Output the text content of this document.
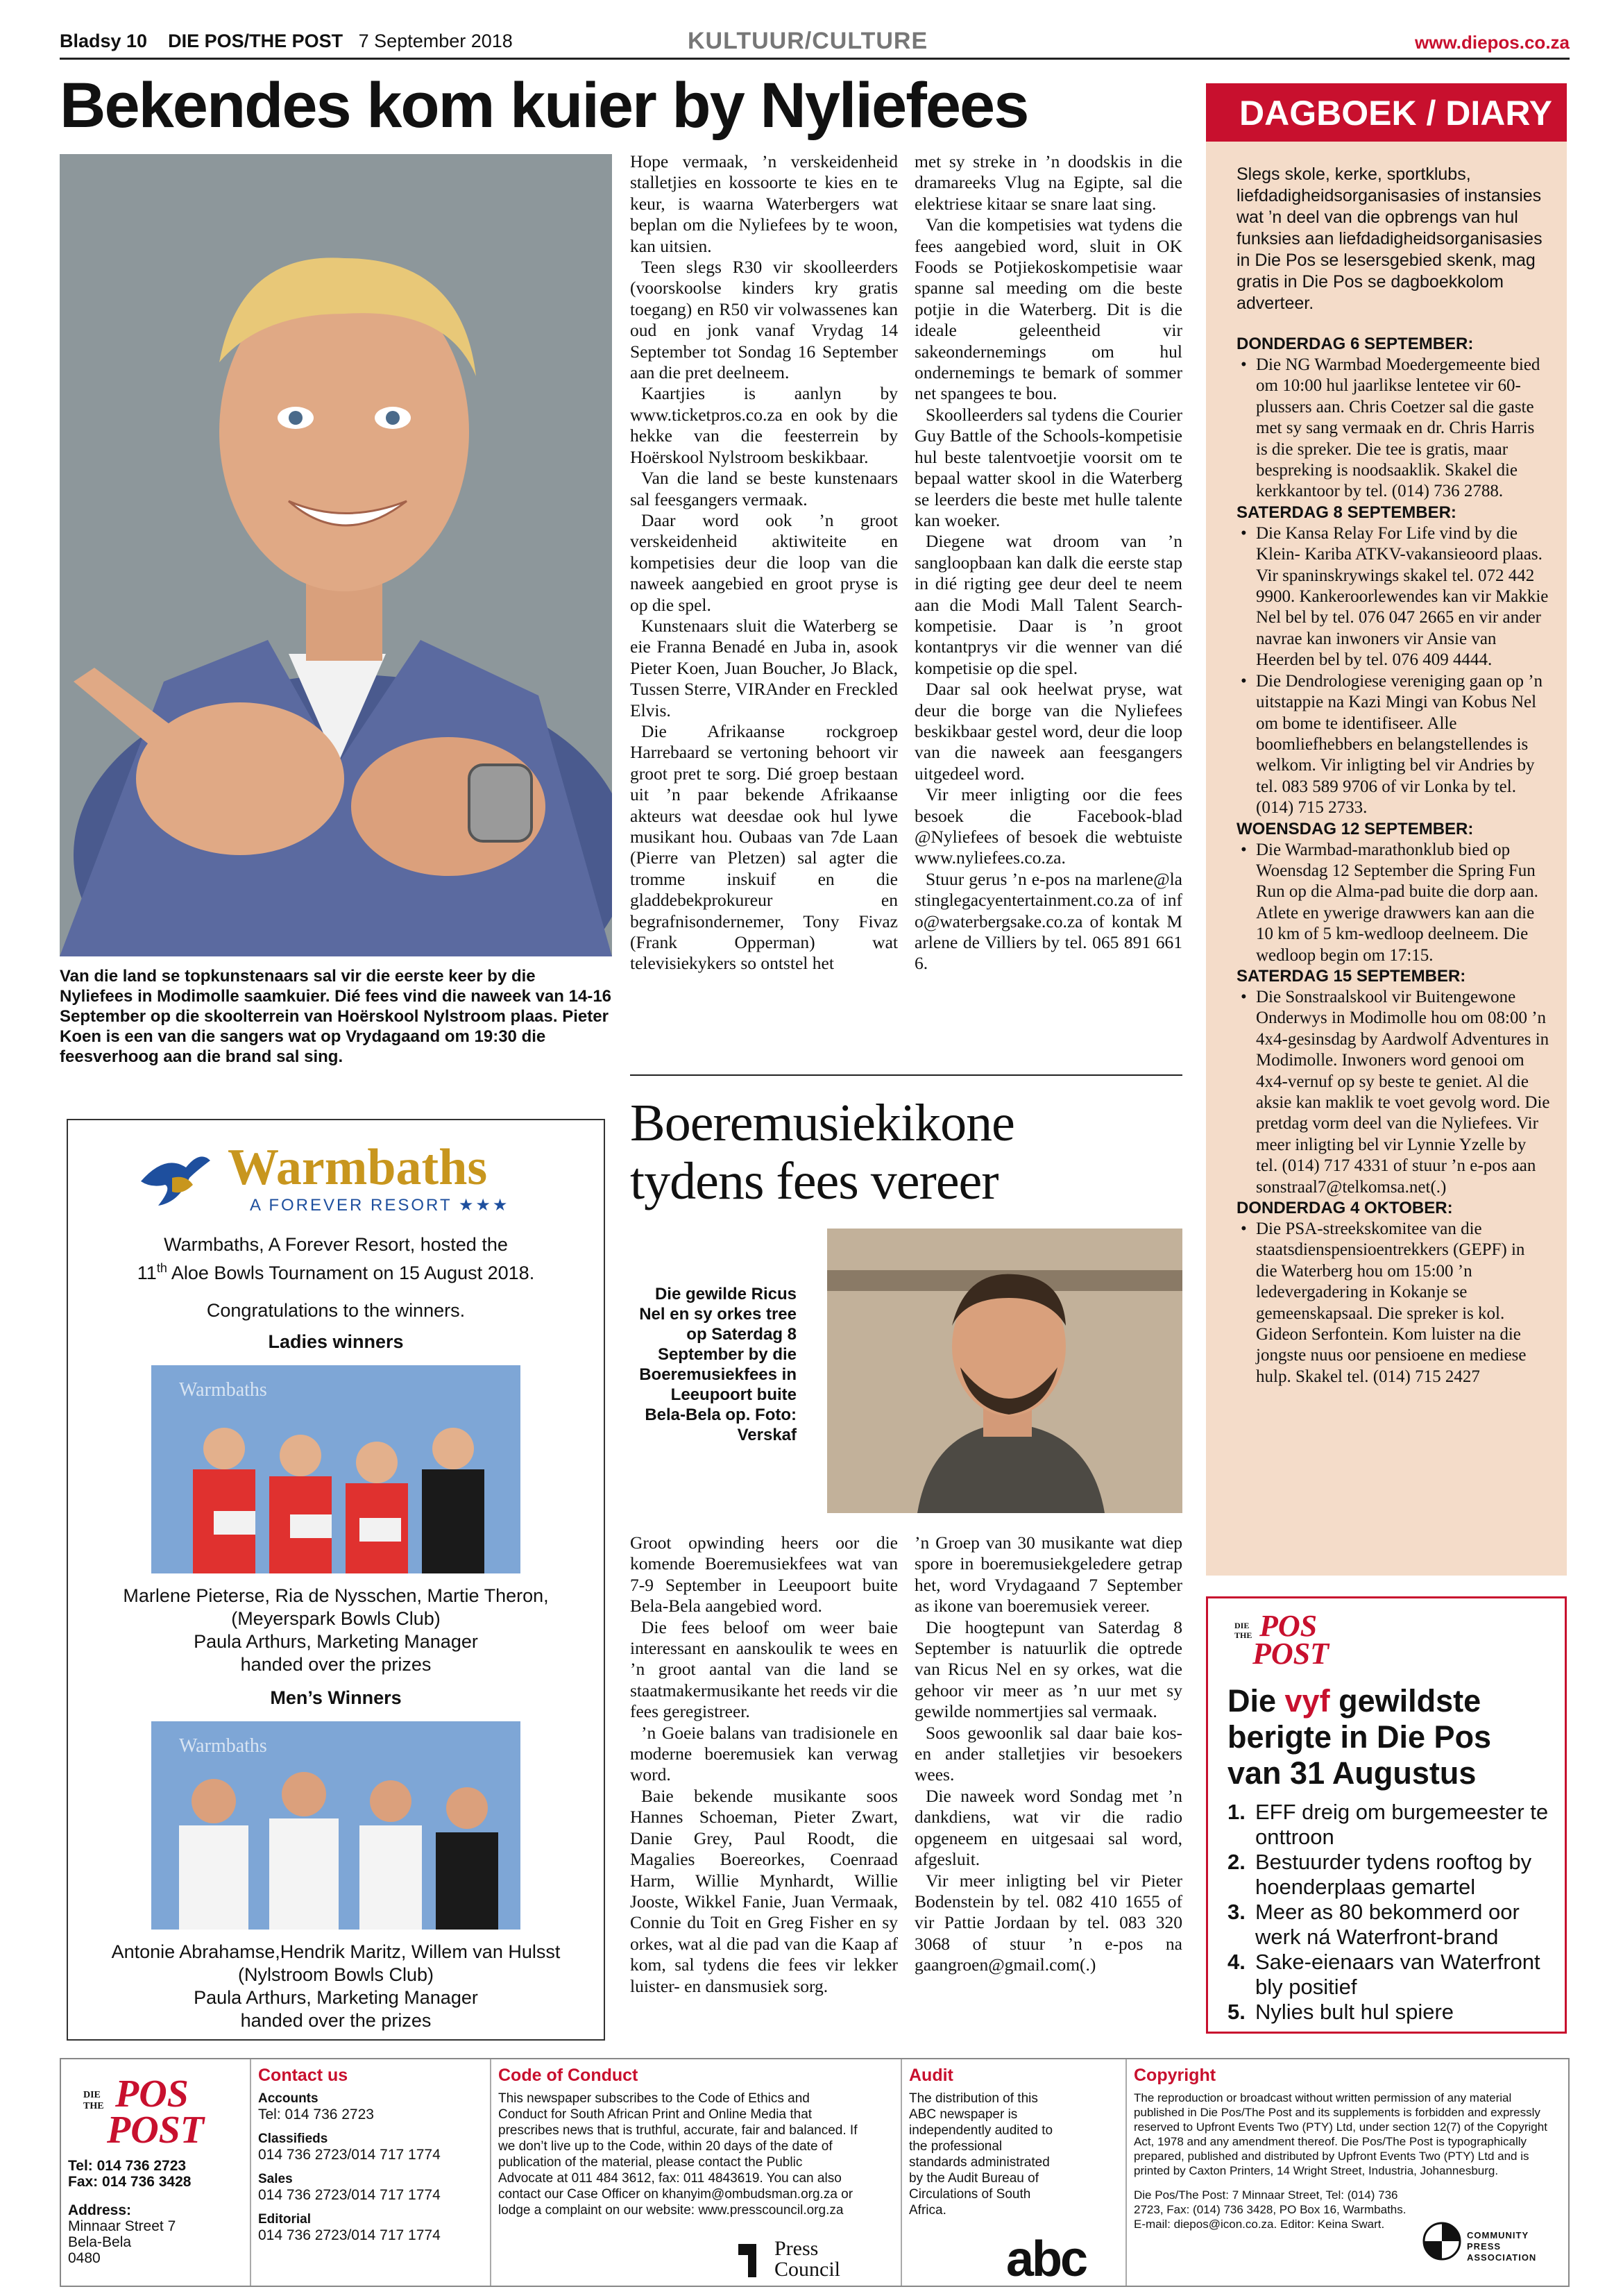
Bladsy 10 DIE POS/THE POST 7 September 2018	KULTUUR/CULTURE	www.diepos.co.za
Bekendes kom kuier by Nyliefees
Van die land se topkunstenaars sal vir die eerste keer by die Nyliefees in Modimolle saamkuier. Dié fees vind die naweek van 14-16 September op die skoolterrein van Hoërskool Nylstroom plaas. Pieter Koen is een van die sangers wat op Vrydagaand om 19:30 die feesverhoog aan die brand sal sing.

Hope vermaak, ’n verskeidenheid stalletjies en kossoorte te kies en te keur, is waarna Waterbergers wat beplan om die Nyliefees by te woon, kan uitsien.

Teen slegs R30 vir skoolleerders (voorskoolse kinders kry gratis toegang) en R50 vir volwassenes kan oud en jonk vanaf Vrydag 14 September tot Sondag 16 September aan die pret deelneem.

Kaartjies is aanlyn by www.ticketpros.co.za en ook by die hekke van die feesterrein by Hoërskool Nylstroom beskikbaar.

Van die land se beste kunstenaars sal feesgangers vermaak.

Daar word ook ’n groot verskeidenheid aktiwiteite en kompetisies deur die loop van die naweek aangebied en groot pryse is op die spel.

Kunstenaars sluit die Waterberg se eie Franna Benadé en Juba in, asook Pieter Koen, Juan Boucher, Jo Black, Tussen Sterre, VIRAnder en Freckled Elvis.

Die Afrikaanse rockgroep Harrebaard se vertoning behoort vir groot pret te sorg. Dié groep bestaan uit ’n paar bekende Afrikaanse akteurs wat deesdae ook hul lywe musikant hou. Oubaas van 7de Laan (Pierre van Pletzen) sal agter die tromme inskuif en die gladdebekprokureur en begrafnisondernemer, Tony Fivaz (Frank Opperman) wat televisiekykers so ontstel het

met sy streke in ’n doodskis in die dramareeks Vlug na Egipte, sal die elektriese kitaar se snare laat sing.

Van die kompetisies wat tydens die fees aangebied word, sluit in OK Foods se Potjiekoskompetisie waar spanne sal meeding om die beste potjie in die Waterberg. Dit is die ideale geleentheid vir sakeondernemings om hul ondernemings te bemark of sommer net spangees te bou.

Skoolleerders sal tydens die Courier Guy Battle of the Schools-kompetisie hul beste talentvoetjie voorsit om te bepaal watter skool in die Waterberg se leerders die beste met hulle talente kan woeker.

Diegene wat droom van ’n sangloopbaan kan dalk die eerste stap in dié rigting gee deur deel te neem aan die Modi Mall Talent Search-kompetisie. Daar is ’n groot kontantprys vir die wenner van dié kompetisie op die spel.

Daar sal ook heelwat pryse, wat deur die borge van die Nyliefees beskikbaar gestel word, deur die loop van die naweek aan feesgangers uitgedeel word.

Vir meer inligting oor die fees besoek die Facebook-blad @Nyliefees of besoek die webtuiste www.nyliefees.co.za.

Stuur gerus ’n e-pos na marlene@lastinglegacyentertainment.co.za of info@waterbergsake.co.za of kontak Marlene de Villiers by tel. 065 891 6616.

Warmbaths
A FOREVER RESORT ★★★
Warmbaths, A Forever Resort, hosted the
11th Aloe Bowls Tournament on 15 August 2018.
Congratulations to the winners.
Ladies winners
Warmbaths
Marlene Pieterse, Ria de Nysschen, Martie Theron,
(Meyerspark Bowls Club)
Paula Arthurs, Marketing Manager
handed over the prizes
Men’s Winners
Warmbaths
Antonie Abrahamse,Hendrik Maritz, Willem van Hulsst
(Nylstroom Bowls Club)
Paula Arthurs, Marketing Manager
handed over the prizes
Boeremusiekikone
tydens fees vereer
Die gewilde Ricus Nel en sy orkes tree op Saterdag 8 September by die Boeremusiekfees in Leeupoort buite Bela-Bela op. Foto: Verskaf

Groot opwinding heers oor die komende Boeremusiekfees wat van 7-9 September in Leeupoort buite Bela-Bela aangebied word.

Die fees beloof om weer baie interessant en aanskoulik te wees en ’n groot aantal van die land se staatmakermusikante het reeds vir die fees geregistreer.

’n Goeie balans van tradisionele en moderne boeremusiek kan verwag word.

Baie bekende musikante soos Hannes Schoeman, Pieter Zwart, Danie Grey, Paul Roodt, die Magalies Boereorkes, Coenraad Harm, Willie Mynhardt, Willie Jooste, Wikkel Fanie, Juan Vermaak, Connie du Toit en Greg Fisher en sy orkes, wat al die pad van die Kaap af kom, sal tydens die fees vir lekker luister- en dansmusiek sorg.

’n Groep van 30 musikante wat diep spore in boeremusiekgeledere getrap het, word Vrydagaand 7 September as ikone van boeremusiek vereer.

Die hoogtepunt van Saterdag 8 September is natuurlik die optrede van Ricus Nel en sy orkes, wat die gehoor vir meer as ’n uur met sy gewilde nommertjies sal vermaak.

Soos gewoonlik sal daar baie kos- en ander stalletjies vir besoekers wees.

Die naweek word Sondag met ’n dankdiens, wat vir die radio opgeneem en uitgesaai sal word, afgesluit.

Vir meer inligting bel vir Pieter Bodenstein by tel. 082 410 1655 of vir Pattie Jordaan by tel. 083 320 3068 of stuur ’n e-pos na gaangroen@gmail.com(.)

DAGBOEK / DIARY
Slegs skole, kerke, sportklubs, liefdadigheidsorganisasies of instansies wat ’n deel van die opbrengs van hul funksies aan liefdadigheidsorganisasies in Die Pos se lesersgebied skenk, mag gratis in Die Pos se dagboekkolom adverteer.
DONDERDAG 6 SEPTEMBER:
• Die NG Warmbad Moedergemeente bied om 10:00 hul jaarlikse lentetee vir 60-plussers aan. Chris Coetzer sal die gaste met sy sang vermaak en dr. Chris Harris is die spreker. Die tee is gratis, maar bespreking is noodsaaklik. Skakel die kerkkantoor by tel. (014) 736 2788.
SATERDAG 8 SEPTEMBER:
• Die Kansa Relay For Life vind by die Klein- Kariba ATKV-vakansieoord plaas. Vir spaninskrywings skakel tel. 072 442 9900. Kankeroorlewendes kan vir Makkie Nel bel by tel. 076 047 2665 en vir ander navrae kan inwoners vir Ansie van Heerden bel by tel. 076 409 4444.
• Die Dendrologiese vereniging gaan op ’n uitstappie na Kazi Mingi van Kobus Nel om bome te identifiseer. Alle boomliefhebbers en belangstellendes is welkom. Vir inligting bel vir Andries by tel. 083 589 9706 of vir Lonka by tel. (014) 715 2733.
WOENSDAG 12 SEPTEMBER:
• Die Warmbad-marathonklub bied op Woensdag 12 September die Spring Fun Run op die Alma-pad buite die dorp aan. Atlete en ywerige drawwers kan aan die 10 km of 5 km-wedloop deelneem. Die wedloop begin om 17:15.
SATERDAG 15 SEPTEMBER:
• Die Sonstraalskool vir Buitengewone Onderwys in Modimolle hou om 08:00 ’n 4x4-gesinsdag by Aardwolf Adventures in Modimolle. Inwoners word genooi om 4x4-vernuf op sy beste te geniet. Al die aksie kan maklik te voet gevolg word. Die pretdag vorm deel van die Nyliefees. Vir meer inligting bel vir Lynnie Yzelle by tel. (014) 717 4331 of stuur ’n e-pos aan sonstraal7@telkomsa.net(.)
DONDERDAG 4 OKTOBER:
• Die PSA-streekskomitee van die staatsdienspensioentrekkers (GEPF) in die Waterberg hou om 15:00 ’n ledevergadering in Kokanje se gemeenskapsaal. Die spreker is kol. Gideon Serfontein. Kom luister na die jongste nuus oor pensioene en mediese hulp. Skakel tel. (014) 715 2427
DIE
THE POS
POST
Die vyf gewildste berigte in Die Pos van 31 Augustus
1. EFF dreig om burgemeester te onttroon
2. Bestuurder tydens rooftog by hoenderplaas gemartel
3. Meer as 80 bekommerd oor werk ná Waterfront-brand
4. Sake-eienaars van Waterfront bly positief
5. Nylies bult hul spiere
DIE
THE POS
POST
Tel: 014 736 2723
Fax: 014 736 3428
Address:
Minnaar Street 7
Bela-Bela
0480
Contact us
Accounts
Tel: 014 736 2723
Classifieds
014 736 2723/014 717 1774
Sales
014 736 2723/014 717 1774
Editorial
014 736 2723/014 717 1774
Code of Conduct
This newspaper subscribes to the Code of Ethics and Conduct for South African Print and Online Media that prescribes news that is truthful, accurate, fair and balanced. If we don’t live up to the Code, within 20 days of the date of publication of the material, please contact the Public Advocate at 011 484 3612, fax: 011 4843619. You can also contact our Case Officer on khanyim@ombudsman.org.za or lodge a complaint on our website: www.presscouncil.org.za
Press
Council
Audit
The distribution of this ABC newspaper is independently audited to the professional standards administrated by the Audit Bureau of Circulations of South Africa.
abc
Copyright
The reproduction or broadcast without written permission of any material published in Die Pos/The Post and its supplements is forbidden and expressly reserved to Upfront Events Two (PTY) Ltd, under section 12(7) of the Copyright Act, 1978 and any amendment thereof. Die Pos/The Post is typographically prepared, published and distributed by Upfront Events Two (PTY) Ltd and is printed by Caxton Printers, 14 Wright Street, Industria, Johannesburg.
Die Pos/The Post: 7 Minnaar Street, Tel: (014) 736 2723, Fax: (014) 736 3428, PO Box 16, Warmbaths. E-mail: diepos@icon.co.za. Editor: Keina Swart.
COMMUNITY
PRESS
ASSOCIATION
